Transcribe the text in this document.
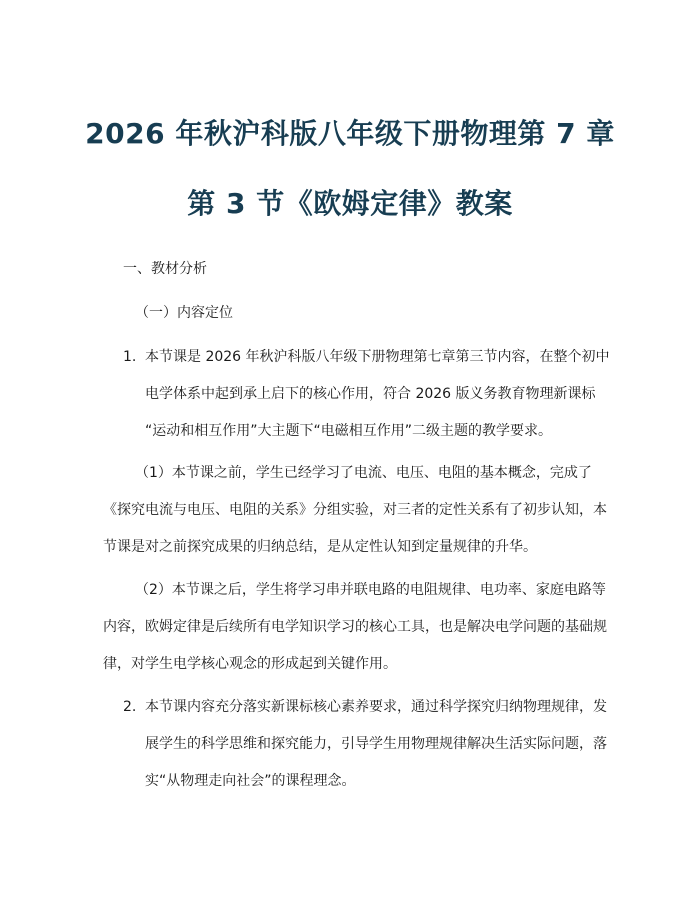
2026 年秋沪科版八年级下册物理第 7 章
第 3 节《欧姆定律》教案
一、教材分析
（一）内容定位
1. 本节课是 2026 年秋沪科版八年级下册物理第七章第三节内容，在整个初中
电学体系中起到承上启下的核心作用，符合 2026 版义务教育物理新课标
“运动和相互作用”大主题下“电磁相互作用”二级主题的教学要求。
（1）本节课之前，学生已经学习了电流、电压、电阻的基本概念，完成了
《探究电流与电压、电阻的关系》分组实验，对三者的定性关系有了初步认知，本
节课是对之前探究成果的归纳总结，是从定性认知到定量规律的升华。
（2）本节课之后，学生将学习串并联电路的电阻规律、电功率、家庭电路等
内容，欧姆定律是后续所有电学知识学习的核心工具，也是解决电学问题的基础规
律，对学生电学核心观念的形成起到关键作用。
2. 本节课内容充分落实新课标核心素养要求，通过科学探究归纳物理规律，发
展学生的科学思维和探究能力，引导学生用物理规律解决生活实际问题，落
实“从物理走向社会”的课程理念。
